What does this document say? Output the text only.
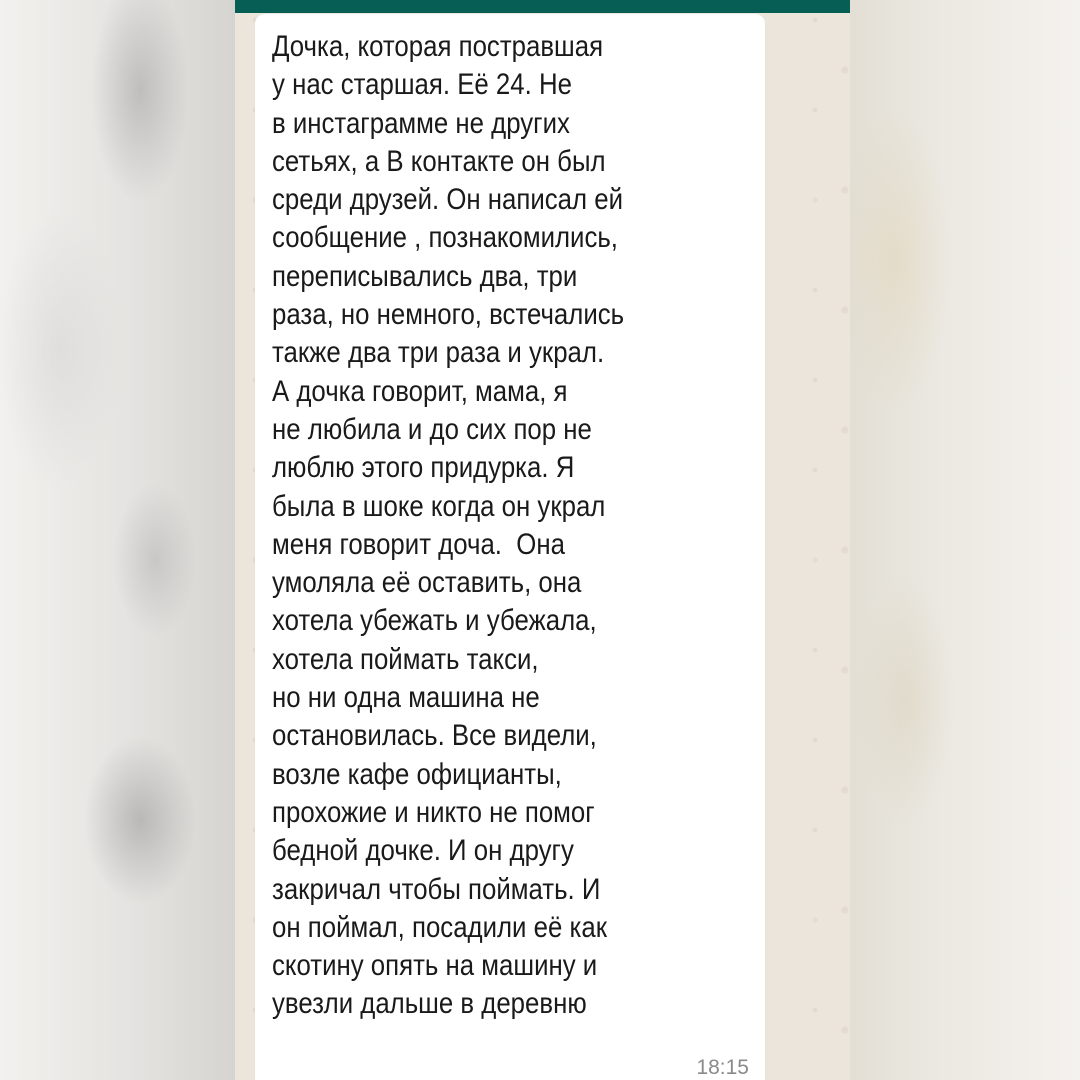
Дочка, которая пострaвшая
у нас старшая. Её 24. Не
в инстаграмме не других
сетьях, а В контакте он был
среди друзей. Он написал ей
сообщение , познакомились,
переписывались два, три
раза, но немного, встечались
также два три раза и украл.
А дочка говорит, мама, я
не любила и до сих пор не
люблю этого придурка. Я
была в шоке когда он украл
меня говорит доча.  Она
умоляла её оставить, она
хотела убежать и убежала,
хотела поймать такси,
но ни одна машина не
остановилась. Все видели,
возле кафе официанты,
прохожие и никто не помог
бедной дочке. И он другу
закричал чтобы поймать. И
он поймал, посадили её как
скотину опять на машину и
увезли дальше в деревню

18:15
